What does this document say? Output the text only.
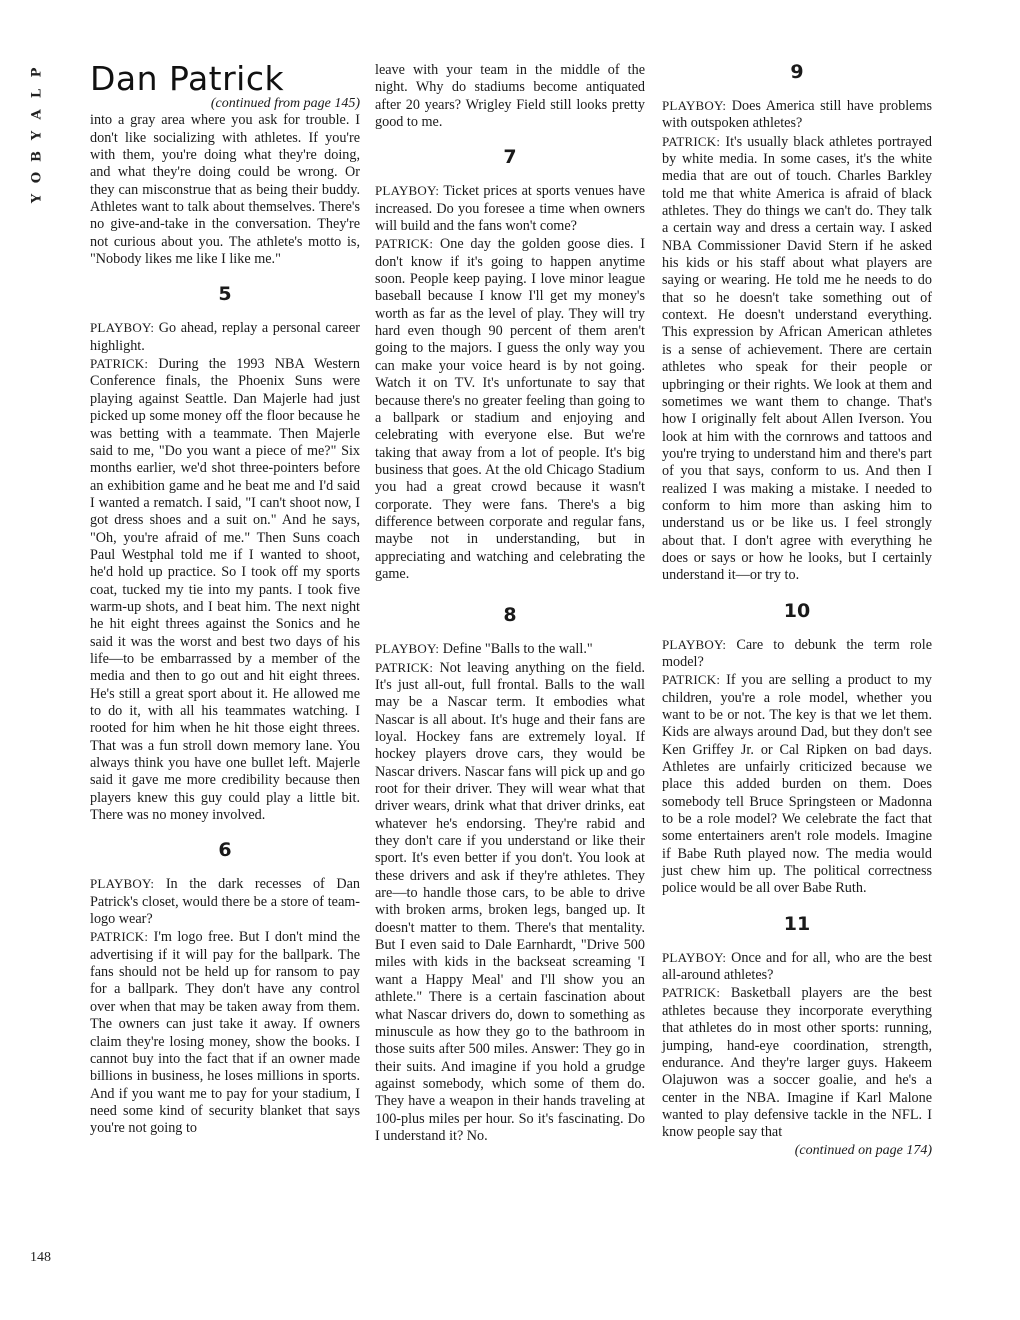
P
L
A
Y
B
O
Y
148
Dan Patrick

(continued from page 145)

into a gray area where you ask for trouble. I don't like socializing with athletes. If you're with them, you're doing what they're doing, and what they're doing could be wrong. Or they can misconstrue that as being their buddy. Athletes want to talk about themselves. There's no give-and-take in the conversation. They're not curious about you. The athlete's motto is, "Nobody likes me like I like me."

5

PLAYBOY: Go ahead, replay a personal career highlight.

PATRICK: During the 1993 NBA Western Conference finals, the Phoenix Suns were playing against Seattle. Dan Majerle had just picked up some money off the floor because he was betting with a teammate. Then Majerle said to me, "Do you want a piece of me?" Six months earlier, we'd shot three-pointers before an exhibition game and he beat me and I'd said I wanted a rematch. I said, "I can't shoot now, I got dress shoes and a suit on." And he says, "Oh, you're afraid of me." Then Suns coach Paul Westphal told me if I wanted to shoot, he'd hold up practice. So I took off my sports coat, tucked my tie into my pants. I took five warm-up shots, and I beat him. The next night he hit eight threes against the Sonics and he said it was the worst and best two days of his life—to be embarrassed by a member of the media and then to go out and hit eight threes. He's still a great sport about it. He allowed me to do it, with all his teammates watching. I rooted for him when he hit those eight threes. That was a fun stroll down memory lane. You always think you have one bullet left. Majerle said it gave me more credibility because then players knew this guy could play a little bit. There was no money involved.

6

PLAYBOY: In the dark recesses of Dan Patrick's closet, would there be a store of team-logo wear?

PATRICK: I'm logo free. But I don't mind the advertising if it will pay for the ballpark. The fans should not be held up for ransom to pay for a ballpark. They don't have any control over when that may be taken away from them. The owners can just take it away. If owners claim they're losing money, show the books. I cannot buy into the fact that if an owner made billions in business, he loses millions in sports. And if you want me to pay for your stadium, I need some kind of security blanket that says you're not going to

leave with your team in the middle of the night. Why do stadiums become antiquated after 20 years? Wrigley Field still looks pretty good to me.

7

PLAYBOY: Ticket prices at sports venues have increased. Do you foresee a time when owners will build and the fans won't come?

PATRICK: One day the golden goose dies. I don't know if it's going to happen anytime soon. People keep paying. I love minor league baseball because I know I'll get my money's worth as far as the level of play. They will try hard even though 90 percent of them aren't going to the majors. I guess the only way you can make your voice heard is by not going. Watch it on TV. It's unfortunate to say that because there's no greater feeling than going to a ballpark or stadium and enjoying and celebrating with everyone else. But we're taking that away from a lot of people. It's big business that goes. At the old Chicago Stadium you had a great crowd because it wasn't corporate. They were fans. There's a big difference between corporate and regular fans, maybe not in understanding, but in appreciating and watching and celebrating the game.

8

PLAYBOY: Define "Balls to the wall."

PATRICK: Not leaving anything on the field. It's just all-out, full frontal. Balls to the wall may be a Nascar term. It embodies what Nascar is all about. It's huge and their fans are loyal. Hockey fans are extremely loyal. If hockey players drove cars, they would be Nascar drivers. Nascar fans will pick up and go root for their driver. They will wear what that driver wears, drink what that driver drinks, eat whatever he's endorsing. They're rabid and they don't care if you understand or like their sport. It's even better if you don't. You look at these drivers and ask if they're athletes. They are—to handle those cars, to be able to drive with broken arms, broken legs, banged up. It doesn't matter to them. There's that mentality. But I even said to Dale Earnhardt, "Drive 500 miles with kids in the backseat screaming 'I want a Happy Meal' and I'll show you an athlete." There is a certain fascination about what Nascar drivers do, down to something as minuscule as how they go to the bathroom in those suits after 500 miles. Answer: They go in their suits. And imagine if you hold a grudge against somebody, which some of them do. They have a weapon in their hands traveling at 100-plus miles per hour. So it's fascinating. Do I understand it? No.

9

PLAYBOY: Does America still have problems with outspoken athletes?

PATRICK: It's usually black athletes portrayed by white media. In some cases, it's the white media that are out of touch. Charles Barkley told me that white America is afraid of black athletes. They do things we can't do. They talk a certain way and dress a certain way. I asked NBA Commissioner David Stern if he asked his kids or his staff about what players are saying or wearing. He told me he needs to do that so he doesn't take something out of context. He doesn't understand everything. This expression by African American athletes is a sense of achievement. There are certain athletes who speak for their people or upbringing or their rights. We look at them and sometimes we want them to change. That's how I originally felt about Allen Iverson. You look at him with the cornrows and tattoos and you're trying to understand him and there's part of you that says, conform to us. And then I realized I was making a mistake. I needed to conform to him more than asking him to understand us or be like us. I feel strongly about that. I don't agree with everything he does or says or how he looks, but I certainly understand it—or try to.

10

PLAYBOY: Care to debunk the term role model?

PATRICK: If you are selling a product to my children, you're a role model, whether you want to be or not. The key is that we let them. Kids are always around Dad, but they don't see Ken Griffey Jr. or Cal Ripken on bad days. Athletes are unfairly criticized because we place this added burden on them. Does somebody tell Bruce Springsteen or Madonna to be a role model? We celebrate the fact that some entertainers aren't role models. Imagine if Babe Ruth played now. The media would just chew him up. The political correctness police would be all over Babe Ruth.

11

PLAYBOY: Once and for all, who are the best all-around athletes?

PATRICK: Basketball players are the best athletes because they incorporate everything that athletes do in most other sports: running, jumping, hand-eye coordination, strength, endurance. And they're larger guys. Hakeem Olajuwon was a soccer goalie, and he's a center in the NBA. Imagine if Karl Malone wanted to play defensive tackle in the NFL. I know people say that

(continued on page 174)
